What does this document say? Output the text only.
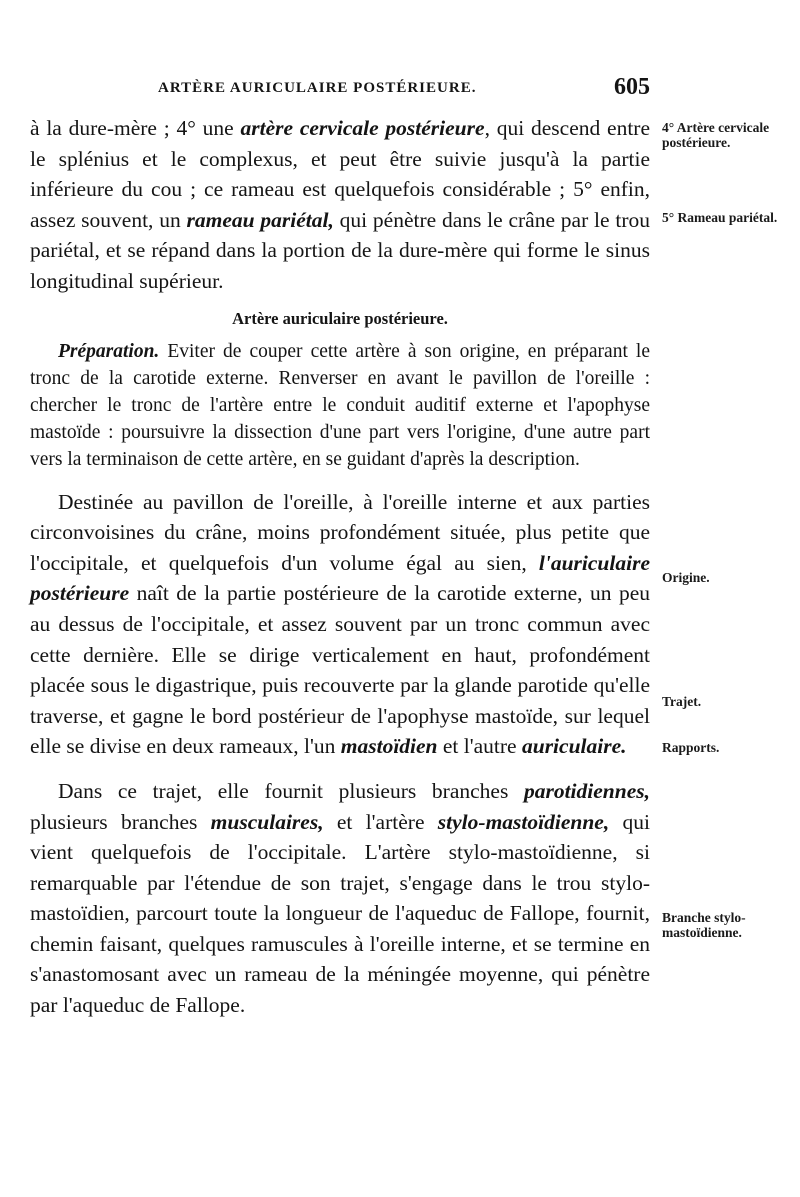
ARTÈRE AURICULAIRE POSTÉRIEURE.	605

à la dure-mère ; 4° une artère cervicale postérieure, qui descend entre le splénius et le complexus, et peut être suivie jusqu'à la partie inférieure du cou ; ce rameau est quelquefois considérable ; 5° enfin, assez souvent, un rameau pariétal, qui pénètre dans le crâne par le trou pariétal, et se répand dans la portion de la dure-mère qui forme le sinus longitudinal supérieur.

Artère auriculaire postérieure.

Préparation. Eviter de couper cette artère à son origine, en préparant le tronc de la carotide externe. Renverser en avant le pavillon de l'oreille : chercher le tronc de l'artère entre le conduit auditif externe et l'apophyse mastoïde : poursuivre la dissection d'une part vers l'origine, d'une autre part vers la terminaison de cette artère, en se guidant d'après la description.

Destinée au pavillon de l'oreille, à l'oreille interne et aux parties circonvoisines du crâne, moins profondément située, plus petite que l'occipitale, et quelquefois d'un volume égal au sien, l'auriculaire postérieure naît de la partie postérieure de la carotide externe, un peu au dessus de l'occipitale, et assez souvent par un tronc commun avec cette dernière. Elle se dirige verticalement en haut, profondément placée sous le digastrique, puis recouverte par la glande parotide qu'elle traverse, et gagne le bord postérieur de l'apophyse mastoïde, sur lequel elle se divise en deux rameaux, l'un mastoïdien et l'autre auriculaire.

Dans ce trajet, elle fournit plusieurs branches parotidiennes, plusieurs branches musculaires, et l'artère stylo-mastoïdienne, qui vient quelquefois de l'occipitale. L'artère stylo-mastoïdienne, si remarquable par l'étendue de son trajet, s'engage dans le trou stylo-mastoïdien, parcourt toute la longueur de l'aqueduc de Fallope, fournit, chemin faisant, quelques ramuscules à l'oreille interne, et se termine en s'anastomosant avec un rameau de la méningée moyenne, qui pénètre par l'aqueduc de Fallope.

4° Artère cervicale postérieure.
5° Rameau pariétal.
Origine.
Trajet.
Rapports.
Branche stylo-mastoïdienne.
